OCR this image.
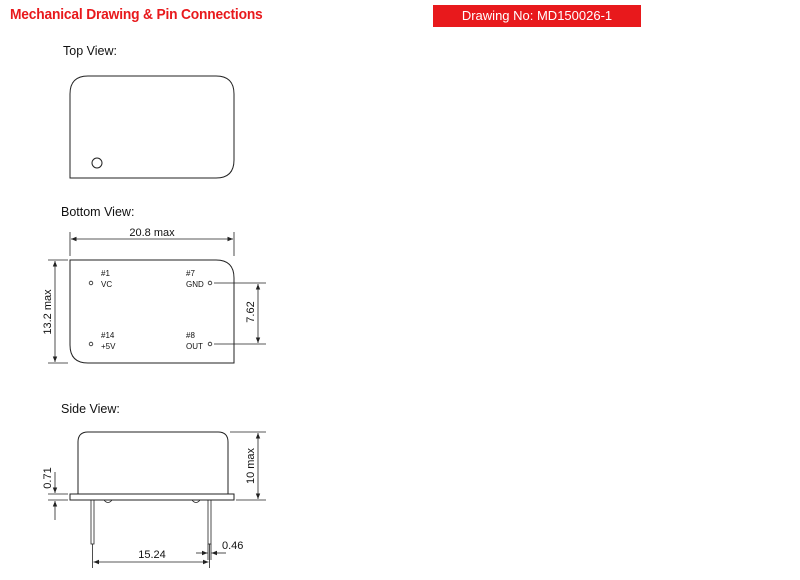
Mechanical Drawing & Pin Connections	Drawing No: MD150026-1
Top View:
Bottom View:
Side View:
20.8 max
13.2 max	7.62
#1
VC
#7
GND
#14
+5V
#8
OUT
10 max
0.71
15.24
0.46
